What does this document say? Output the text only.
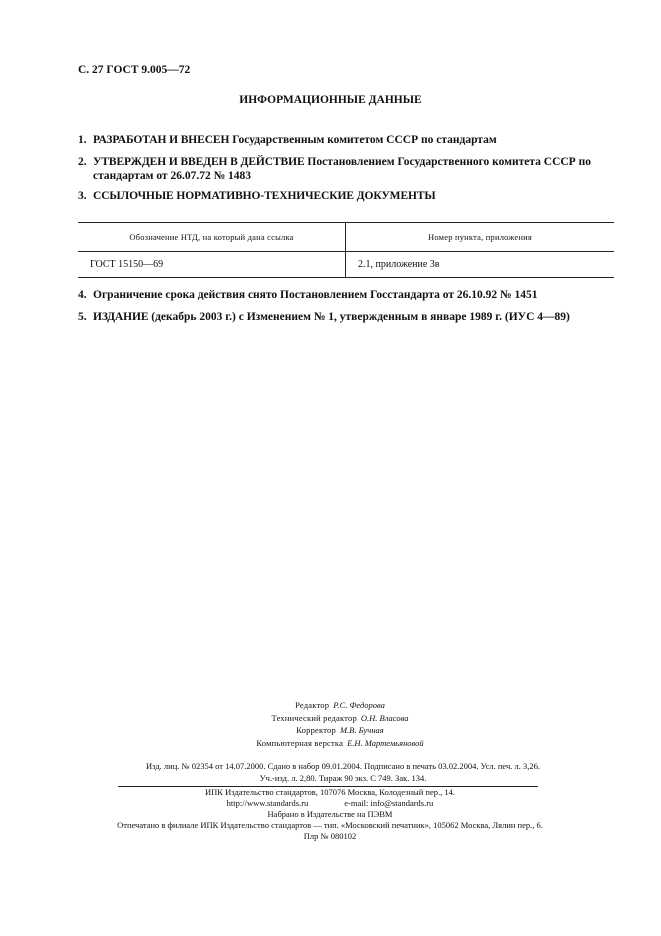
С. 27 ГОСТ 9.005—72
ИНФОРМАЦИОННЫЕ ДАННЫЕ
1. РАЗРАБОТАН И ВНЕСЕН Государственным комитетом СССР по стандартам
2. УТВЕРЖДЕН И ВВЕДЕН В ДЕЙСТВИЕ Постановлением Государственного комитета СССР по стандартам от 26.07.72 № 1483
3. ССЫЛОЧНЫЕ НОРМАТИВНО-ТЕХНИЧЕСКИЕ ДОКУМЕНТЫ
Обозначение НТД, на который дана ссылка	Номер пункта, приложения
ГОСТ 15150—69	2.1, приложение 3в
4. Ограничение срока действия снято Постановлением Госстандарта от 26.10.92 № 1451
5. ИЗДАНИЕ (декабрь 2003 г.) с Изменением № 1, утвержденным в январе 1989 г. (ИУС 4—89)
Редактор Р.С. Федорова
Технический редактор О.Н. Власова
Корректор М.В. Бучная
Компьютерная верстка Е.Н. Мартемьяновой
Изд. лиц. № 02354 от 14.07.2000. Сдано в набор 09.01.2004. Подписано в печать 03.02.2004. Усл. печ. л. 3,26.
Уч.-изд. л. 2,80. Тираж 90 экз. С 749. Зак. 134.
ИПК Издательство стандартов, 107076 Москва, Колодезный пер., 14.
http://www.standards.ru	e-mail: info@standards.ru
Набрано в Издательстве на ПЭВМ
Отпечатано в филиале ИПК Издательство стандартов — тип. «Московский печатник», 105062 Москва, Лялин пер., 6.
Плр № 080102
